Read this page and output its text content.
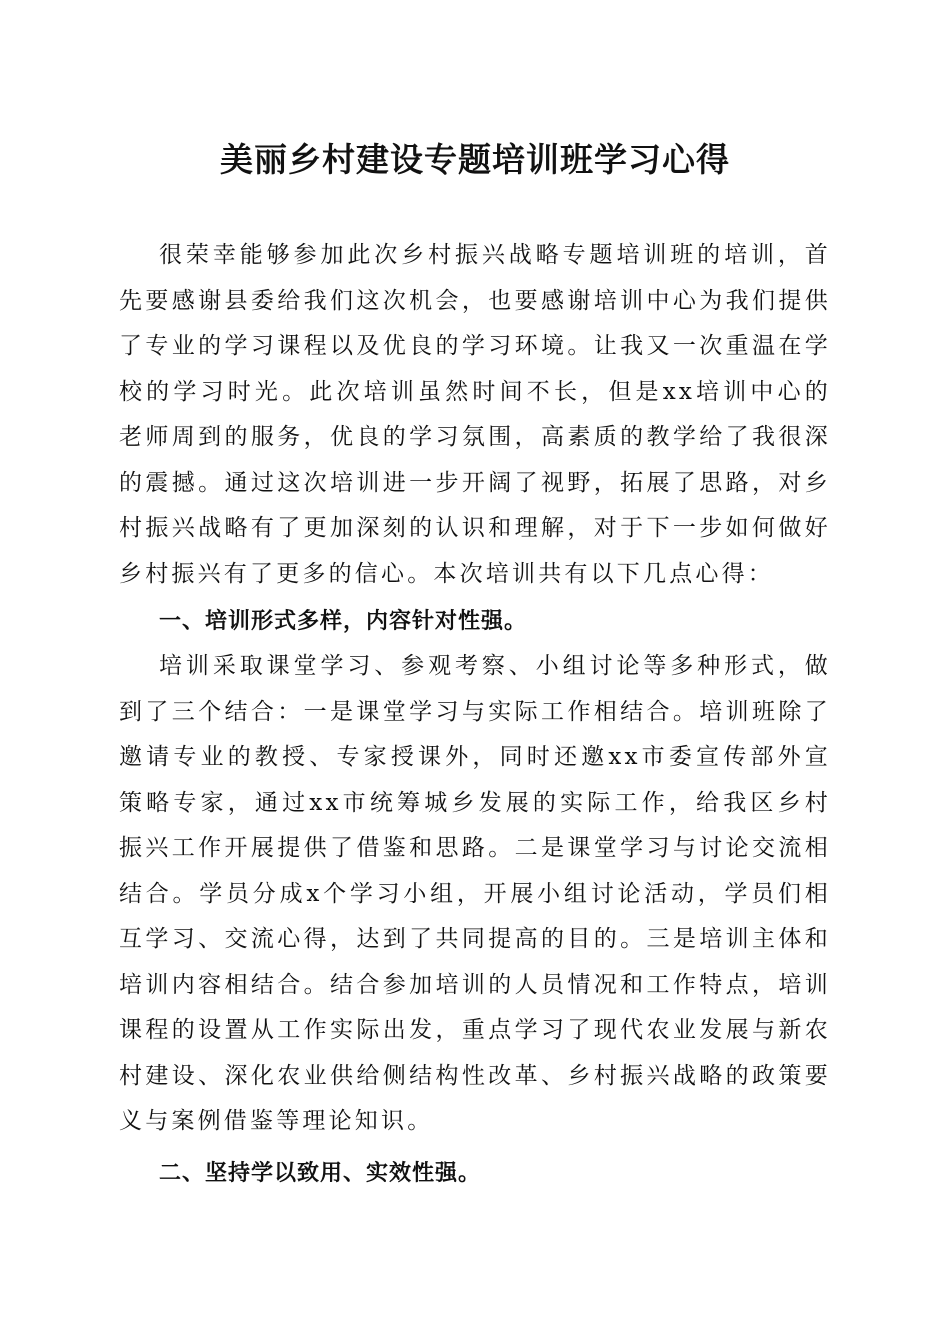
美丽乡村建设专题培训班学习心得

很荣幸能够参加此次乡村振兴战略专题培训班的培训，首先要感谢县委给我们这次机会，也要感谢培训中心为我们提供了专业的学习课程以及优良的学习环境。让我又一次重温在学校的学习时光。此次培训虽然时间不长，但是xx培训中心的老师周到的服务，优良的学习氛围，高素质的教学给了我很深的震撼。通过这次培训进一步开阔了视野，拓展了思路，对乡村振兴战略有了更加深刻的认识和理解，对于下一步如何做好乡村振兴有了更多的信心。本次培训共有以下几点心得：

一、培训形式多样，内容针对性强。

培训采取课堂学习、参观考察、小组讨论等多种形式，做到了三个结合：一是课堂学习与实际工作相结合。培训班除了邀请专业的教授、专家授课外，同时还邀xx市委宣传部外宣策略专家，通过xx市统筹城乡发展的实际工作，给我区乡村振兴工作开展提供了借鉴和思路。二是课堂学习与讨论交流相结合。学员分成x个学习小组，开展小组讨论活动，学员们相互学习、交流心得，达到了共同提高的目的。三是培训主体和培训内容相结合。结合参加培训的人员情况和工作特点，培训课程的设置从工作实际出发，重点学习了现代农业发展与新农村建设、深化农业供给侧结构性改革、乡村振兴战略的政策要义与案例借鉴等理论知识。

二、坚持学以致用、实效性强。
